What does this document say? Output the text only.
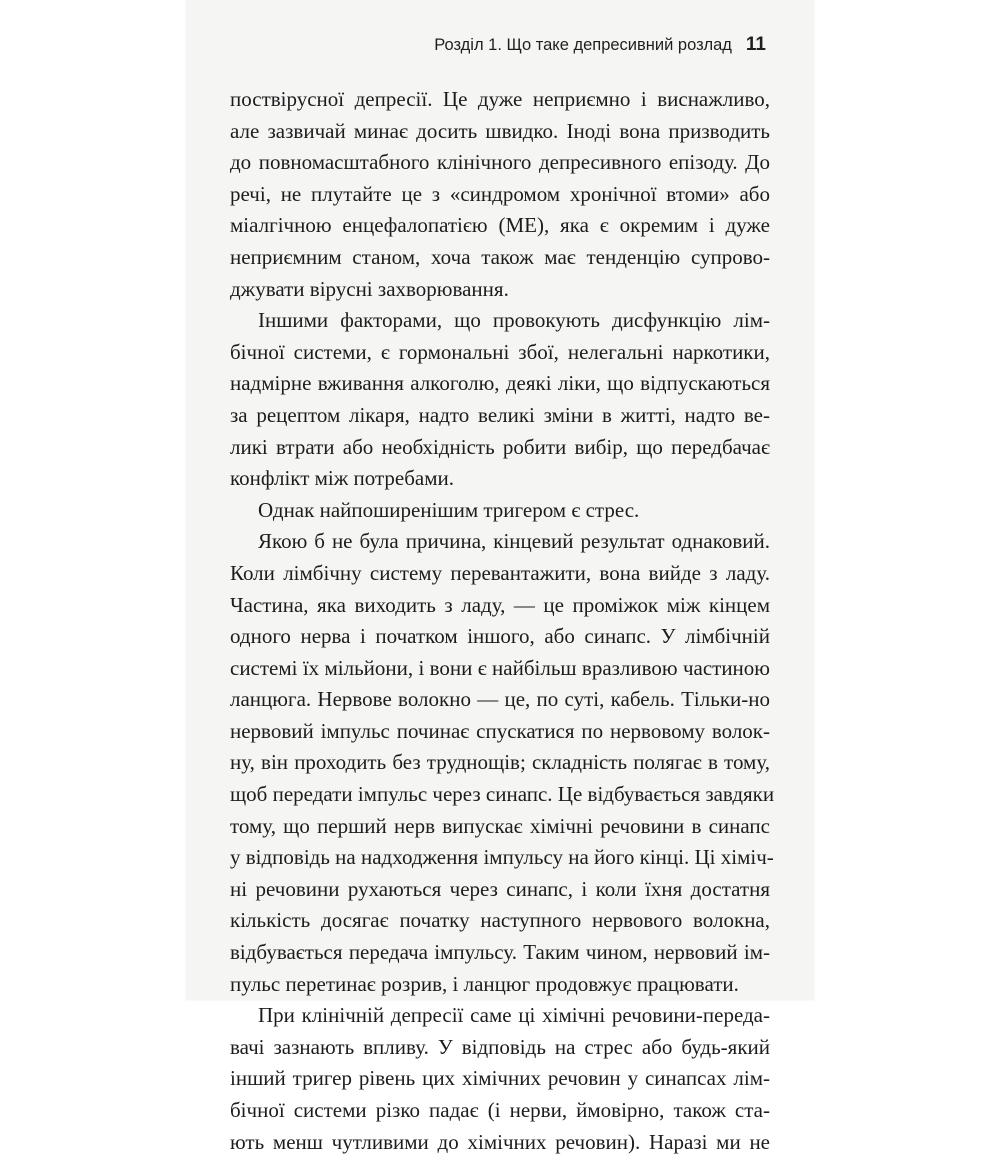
Розділ 1. Що таке депресивний розлад 11
поствірусної депресії. Це дуже неприємно і виснажливо,
але зазвичай минає досить швидко. Іноді вона призводить
до повномасштабного клінічного депресивного епізоду. До
речі, не плутайте це з «синдромом хронічної втоми» або
міалгічною енцефалопатією (МЕ), яка є окремим і дуже
неприємним станом, хоча також має тенденцію супрово-
джувати вірусні захворювання.
Іншими факторами, що провокують дисфункцію лім-
бічної системи, є гормональні збої, нелегальні наркотики,
надмірне вживання алкоголю, деякі ліки, що відпускаються
за рецептом лікаря, надто великі зміни в житті, надто ве-
ликі втрати або необхідність робити вибір, що передбачає
конфлікт між потребами.
Однак найпоширенішим тригером є стрес.
Якою б не була причина, кінцевий результат однаковий.
Коли лімбічну систему перевантажити, вона вийде з ладу.
Частина, яка виходить з ладу, — це проміжок між кінцем
одного нерва і початком іншого, або синапс. У лімбічній
системі їх мільйони, і вони є найбільш вразливою частиною
ланцюга. Нервове волокно — це, по суті, кабель. Тільки-но
нервовий імпульс починає спускатися по нервовому волок-
ну, він проходить без труднощів; складність полягає в тому,
щоб передати імпульс через синапс. Це відбувається завдяки
тому, що перший нерв випускає хімічні речовини в синапс
у відповідь на надходження імпульсу на його кінці. Ці хіміч-
ні речовини рухаються через синапс, і коли їхня достатня
кількість досягає початку наступного нервового волокна,
відбувається передача імпульсу. Таким чином, нервовий ім-
пульс перетинає розрив, і ланцюг продовжує працювати.
При клінічній депресії саме ці хімічні речовини-переда-
вачі зазнають впливу. У відповідь на стрес або будь-який
інший тригер рівень цих хімічних речовин у синапсах лім-
бічної системи різко падає (і нерви, ймовірно, також ста-
ють менш чутливими до хімічних речовин). Наразі ми не
